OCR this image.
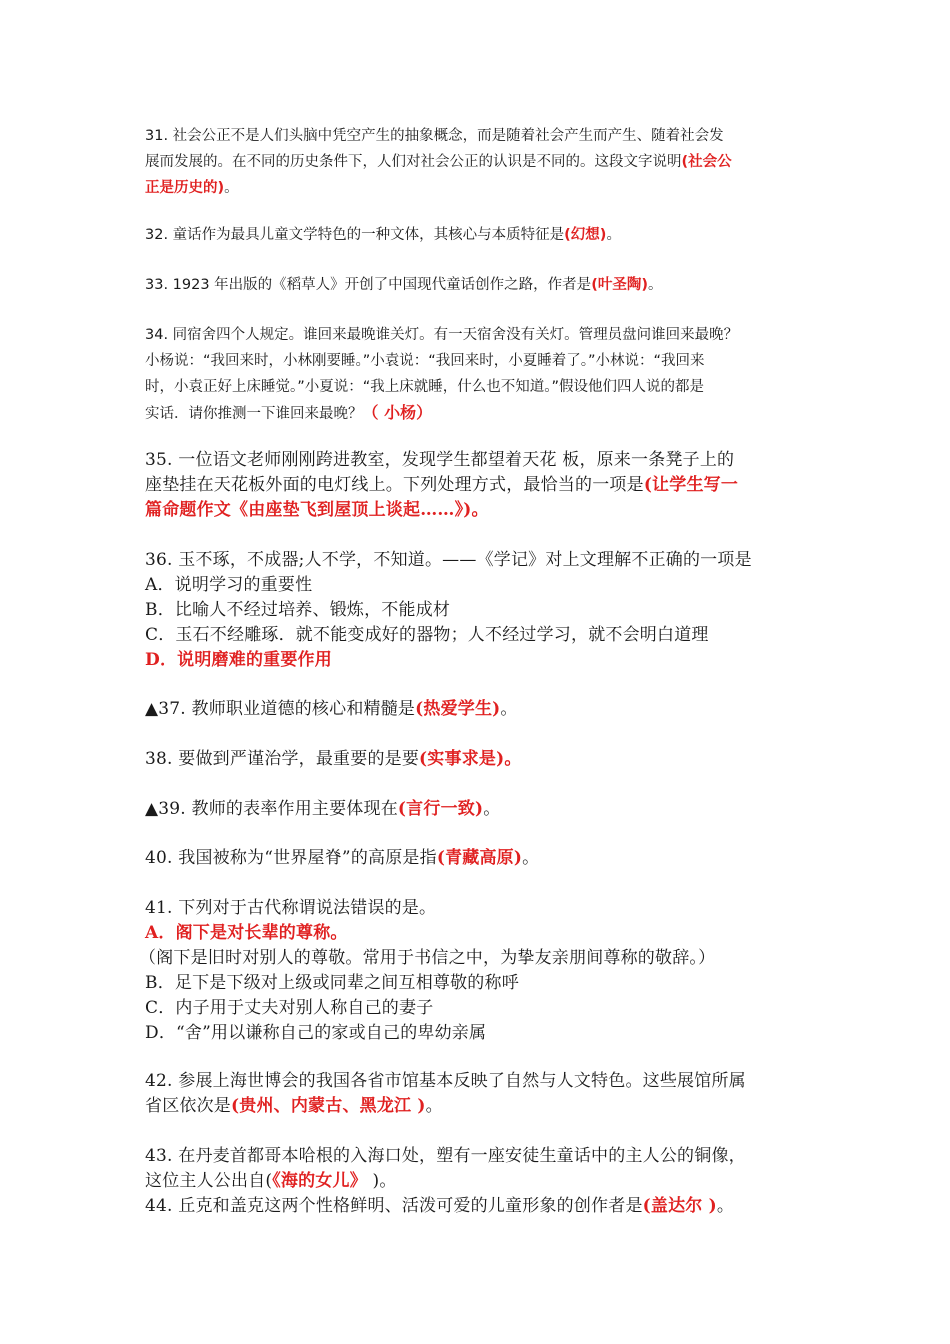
31. 社会公正不是人们头脑中凭空产生的抽象概念，而是随着社会产生而产生、随着社会发
展而发展的。在不同的历史条件下，人们对社会公正的认识是不同的。这段文字说明(社会公
正是历史的)。
32. 童话作为最具儿童文学特色的一种文体，其核心与本质特征是(幻想)。
33. 1923 年出版的《稻草人》开创了中国现代童话创作之路，作者是(叶圣陶)。
34. 同宿舍四个人规定。谁回来最晚谁关灯。有一天宿舍没有关灯。管理员盘问谁回来最晚？
小杨说：“我回来时，小林刚要睡。”小袁说：“我回来时，小夏睡着了。”小林说：“我回来
时，小袁正好上床睡觉。”小夏说：“我上床就睡，什么也不知道。”假设他们四人说的都是
实话．请你推测一下谁回来最晚？（ 小杨）
35. 一位语文老师刚刚跨进教室，发现学生都望着天花 板，原来一条凳子上的
座垫挂在天花板外面的电灯线上。下列处理方式，最恰当的一项是(让学生写一
篇命题作文《由座垫飞到屋顶上谈起……》)。
36. 玉不琢，不成器;人不学，不知道。——《学记》对上文理解不正确的一项是
A．说明学习的重要性
B．比喻人不经过培养、锻炼，不能成材
C．玉石不经雕琢．就不能变成好的器物；人不经过学习，就不会明白道理
D．说明磨难的重要作用
▲37. 教师职业道德的核心和精髓是(热爱学生)。
38. 要做到严谨治学，最重要的是要(实事求是)。
▲39. 教师的表率作用主要体现在(言行一致)。
40. 我国被称为“世界屋脊”的高原是指(青藏高原)。
41. 下列对于古代称谓说法错误的是。
A．阁下是对长辈的尊称。
（阁下是旧时对别人的尊敬。常用于书信之中，为挚友亲朋间尊称的敬辞。）
B．足下是下级对上级或同辈之间互相尊敬的称呼
C．内子用于丈夫对别人称自己的妻子
D．“舍”用以谦称自己的家或自己的卑幼亲属
42. 参展上海世博会的我国各省市馆基本反映了自然与人文特色。这些展馆所属
省区依次是(贵州、内蒙古、黑龙江 )。
43. 在丹麦首都哥本哈根的入海口处，塑有一座安徒生童话中的主人公的铜像，
这位主人公出自(《海的女儿》 )。
44. 丘克和盖克这两个性格鲜明、活泼可爱的儿童形象的创作者是(盖达尔 )。
